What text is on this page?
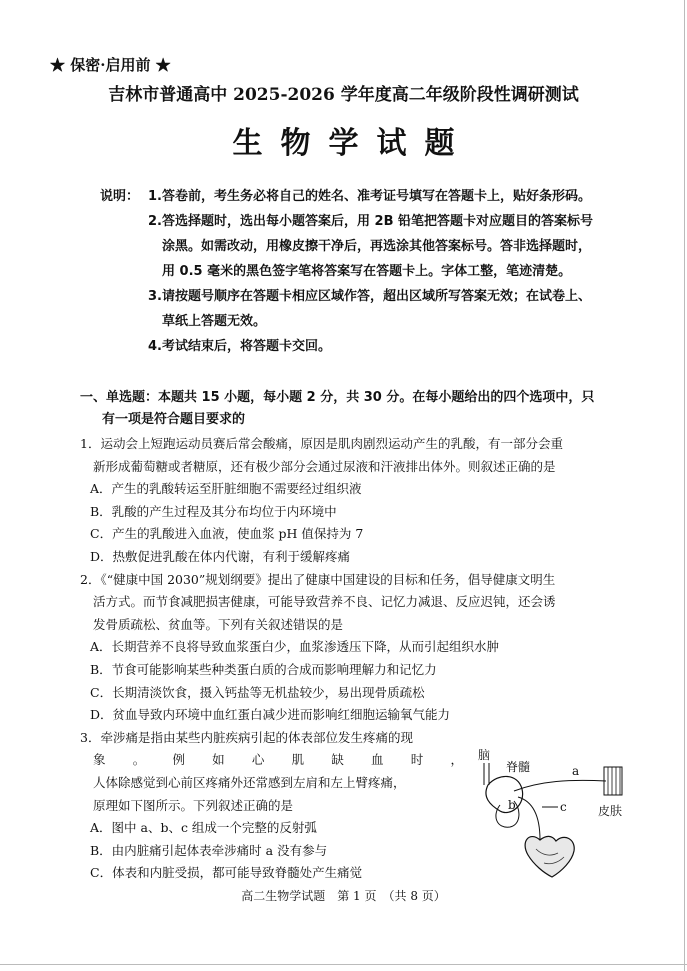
★ 保密·启用前 ★
吉林市普通高中 2025-2026 学年度高二年级阶段性调研测试
生物学试题
说明： 1. 答卷前，考生务必将自己的姓名、准考证号填写在答题卡上，贴好条形码。
2. 答选择题时，选出每小题答案后，用 2B 铅笔把答题卡对应题目的答案标号
涂黑。如需改动，用橡皮擦干净后，再选涂其他答案标号。答非选择题时，
用 0.5 毫米的黑色签字笔将答案写在答题卡上。字体工整，笔迹清楚。
3. 请按题号顺序在答题卡相应区域作答，超出区域所写答案无效；在试卷上、
草纸上答题无效。
4. 考试结束后，将答题卡交回。
一、单选题：本题共 15 小题，每小题 2 分，共 30 分。在每小题给出的四个选项中，只
有一项是符合题目要求的
1．运动会上短跑运动员赛后常会酸痛，原因是肌肉剧烈运动产生的乳酸，有一部分会重
新形成葡萄糖或者糖原，还有极少部分会通过尿液和汗液排出体外。则叙述正确的是
A．产生的乳酸转运至肝脏细胞不需要经过组织液
B．乳酸的产生过程及其分布均位于内环境中
C．产生的乳酸进入血液，使血浆 pH 值保持为 7
D．热敷促进乳酸在体内代谢，有利于缓解疼痛
2．《“健康中国 2030”规划纲要》提出了健康中国建设的目标和任务，倡导健康文明生
活方式。而节食减肥损害健康，可能导致营养不良、记忆力减退、反应迟钝，还会诱
发骨质疏松、贫血等。下列有关叙述错误的是
A．长期营养不良将导致血浆蛋白少，血浆渗透压下降，从而引起组织水肿
B．节食可能影响某些种类蛋白质的合成而影响理解力和记忆力
C．长期清淡饮食，摄入钙盐等无机盐较少，易出现骨质疏松
D．贫血导致内环境中血红蛋白减少进而影响红细胞运输氧气能力
3．牵涉痛是指由某些内脏疾病引起的体表部位发生疼痛的现
象 。 例 如 心 肌 缺 血 时 ，
人体除感觉到心前区疼痛外还常感到左肩和左上臂疼痛，
原理如下图所示。下列叙述正确的是
A．图中 a、b、c 组成一个完整的反射弧
B．由内脏痛引起体表牵涉痛时 a 没有参与
C．体表和内脏受损，都可能导致脊髓处产生痛觉
脑
脊髓	a
b	c	皮肤
高二生物学试题　第 1 页　（共 8 页）
